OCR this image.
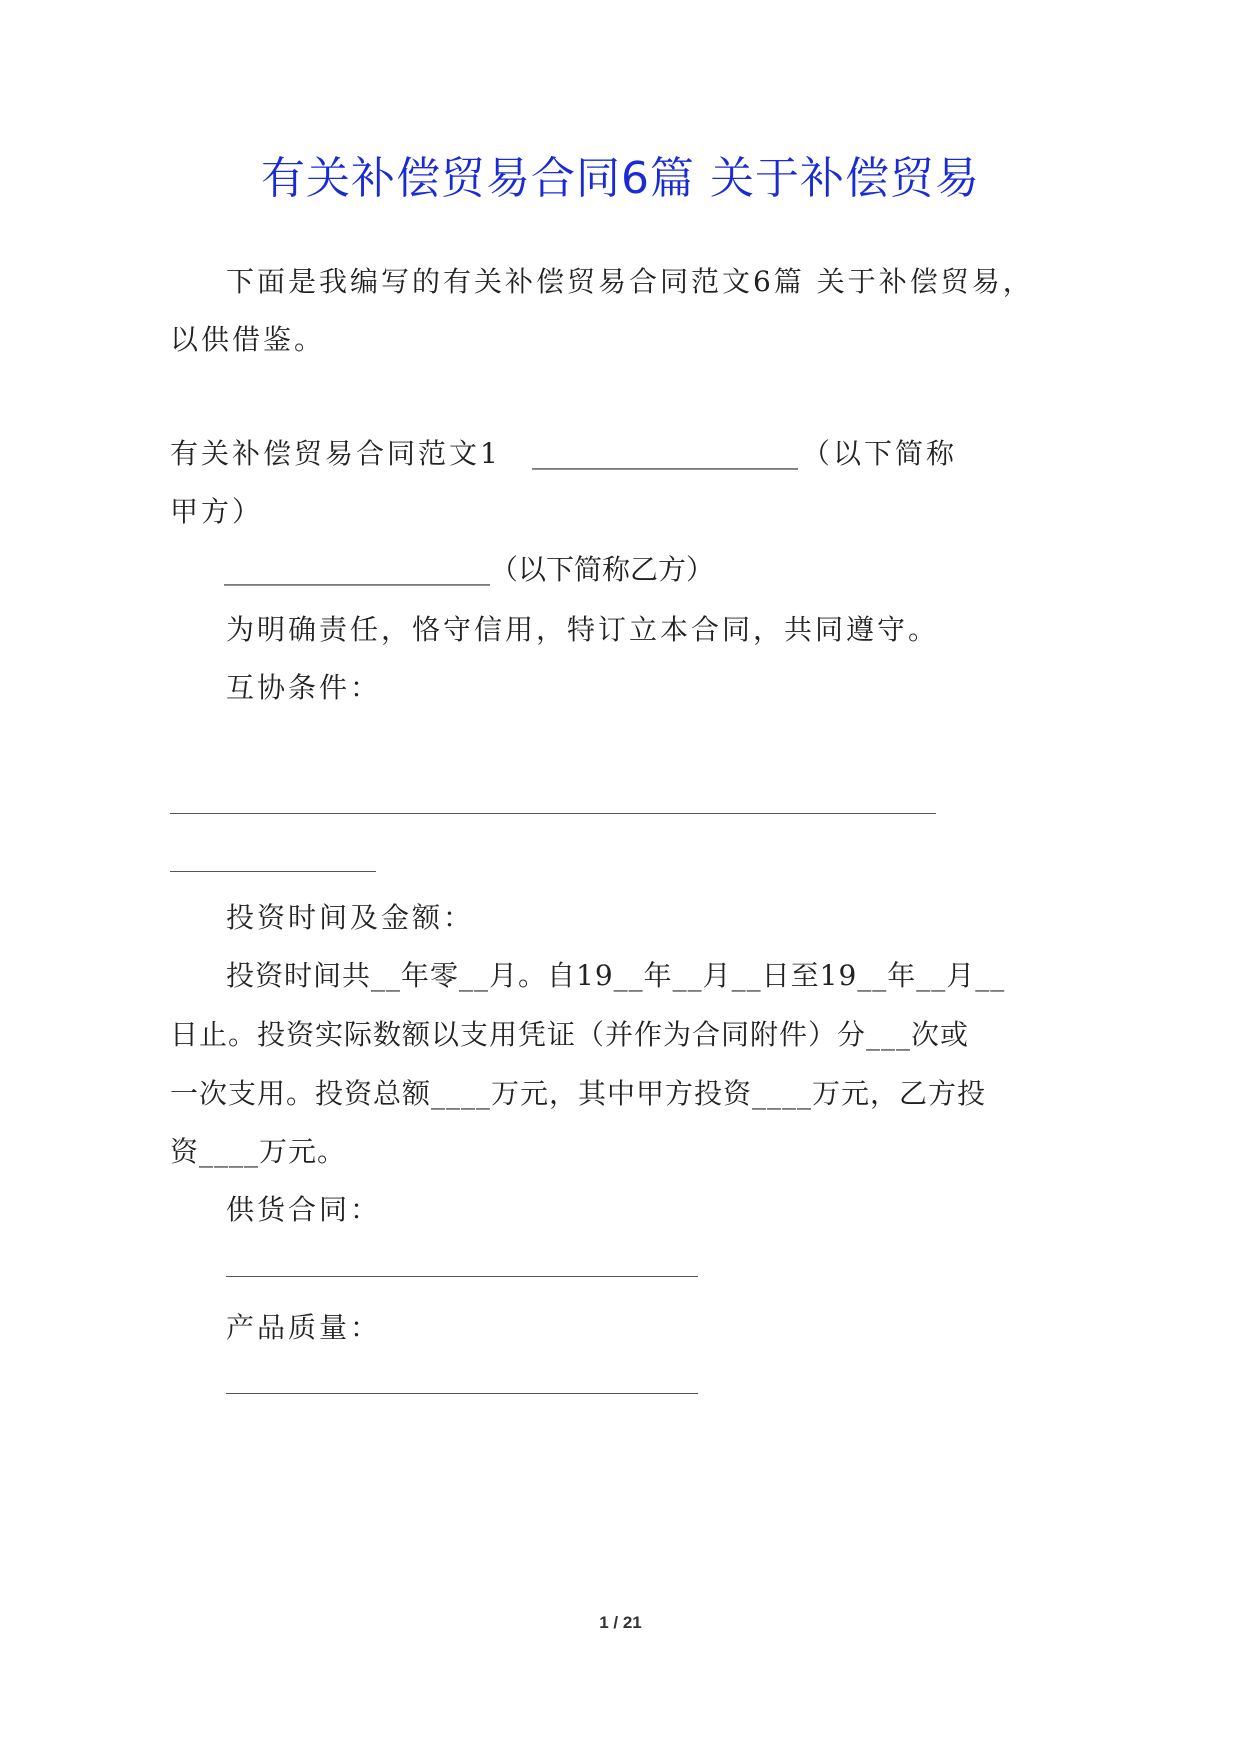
有关补偿贸易合同6篇 关于补偿贸易
下面是我编写的有关补偿贸易合同范文6篇 关于补偿贸易，
以供借鉴。
有关补偿贸易合同范文1 ___________________ （以下简称
甲方）
___________________（以下简称乙方）
为明确责任，恪守信用，特订立本合同，共同遵守。
互协条件：
投资时间及金额：
投资时间共__年零__月。自19__年__月__日至19__年__月__
日止。投资实际数额以支用凭证（并作为合同附件）分___次或
一次支用。投资总额____万元，其中甲方投资____万元，乙方投
资____万元。
供货合同：
产品质量：
1 / 21
